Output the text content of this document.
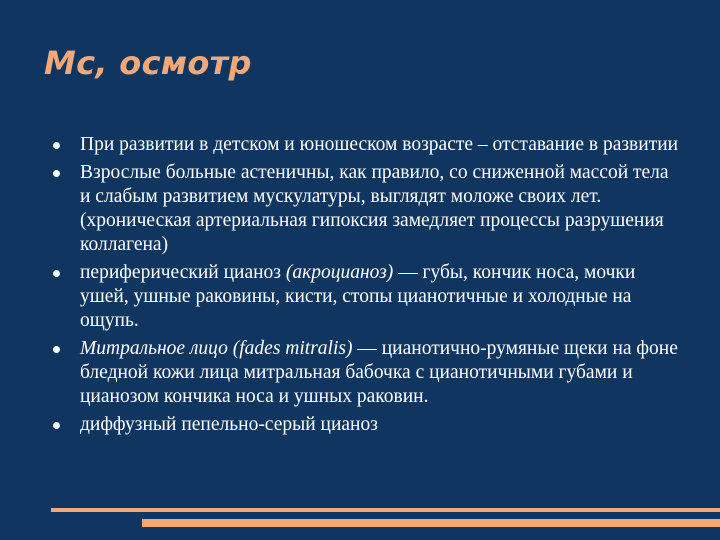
Мс, осмотр
При развитии в детском и юношеском возрасте – отставание в развитии
Взрослые больные астеничны, как правило, со сниженной массой тела и слабым развитием мускулатуры, выглядят моложе своих лет.(хроническая артериальная гипоксия замедляет процессы разрушения коллагена)
периферический цианоз (акроцианоз) — губы, кончик носа, мочки ушей, ушные раковины, кисти, стопы цианотичные и холодные на ощупь.
Митральное лицо (fades mitralis) — цианотично-румяные щеки на фоне бледной кожи лица митральная бабочка с цианотичными губами и цианозом кончика носа и ушных раковин.
диффузный пепельно-серый цианоз
